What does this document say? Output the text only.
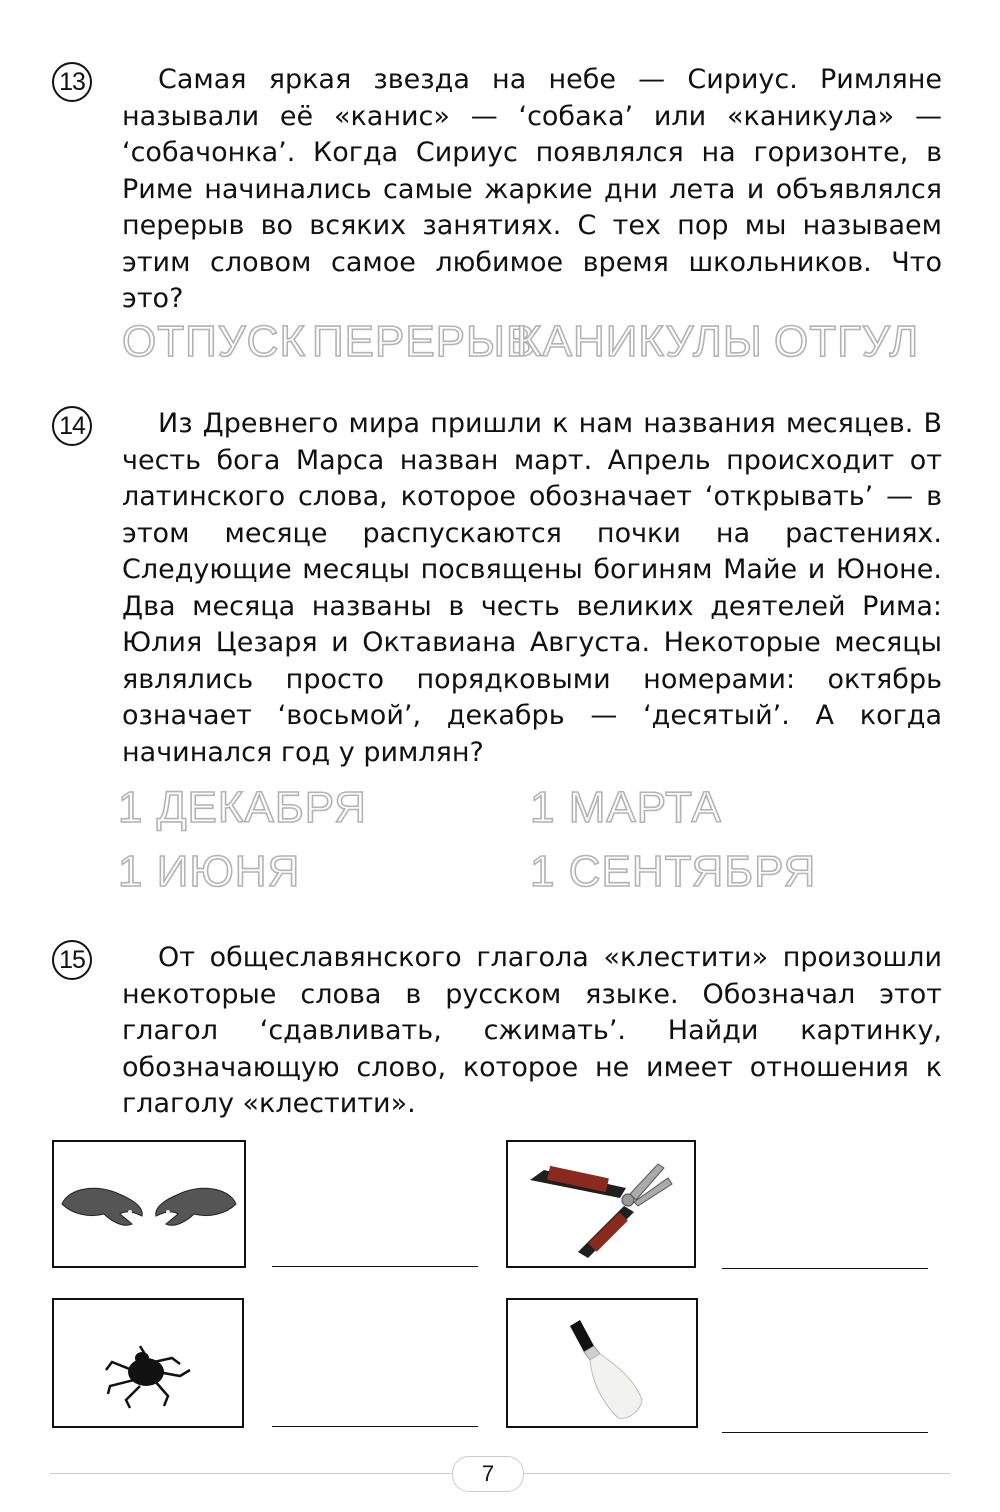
13	Самая яркая звезда на небе — Сириус. Римляне называли её «канис» — ‘собака’ или «каникула» — ‘собачонка’. Когда Сириус появлялся на горизонте, в Риме начинались самые жаркие дни лета и объявлялся перерыв во всяких занятиях. С тех пор мы называем этим словом самое любимое время школьников. Что это?
ОТПУСК ПЕРЕРЫВ
КАНИКУЛЫ ОТГУЛ
14	Из Древнего мира пришли к нам названия месяцев. В честь бога Марса назван март. Апрель происходит от латинского слова, которое обозначает ‘открывать’ — в этом месяце распускаются почки на растениях. Следующие месяцы посвящены богиням Майе и Юноне. Два месяца названы в честь великих деятелей Рима: Юлия Цезаря и Октавиана Августа. Некоторые месяцы являлись просто порядковыми номерами: октябрь означает ‘восьмой’, декабрь — ‘десятый’. А когда начинался год у римлян?
1 ДЕКАБРЯ	1 МАРТА
1 ИЮНЯ	1 СЕНТЯБРЯ
15	От общеславянского глагола «клестити» произошли некоторые слова в русском языке. Обозначал этот глагол ‘сдавливать, сжимать’. Найди картинку, обозначающую слово, которое не имеет отношения к глаголу «клестити».
7
